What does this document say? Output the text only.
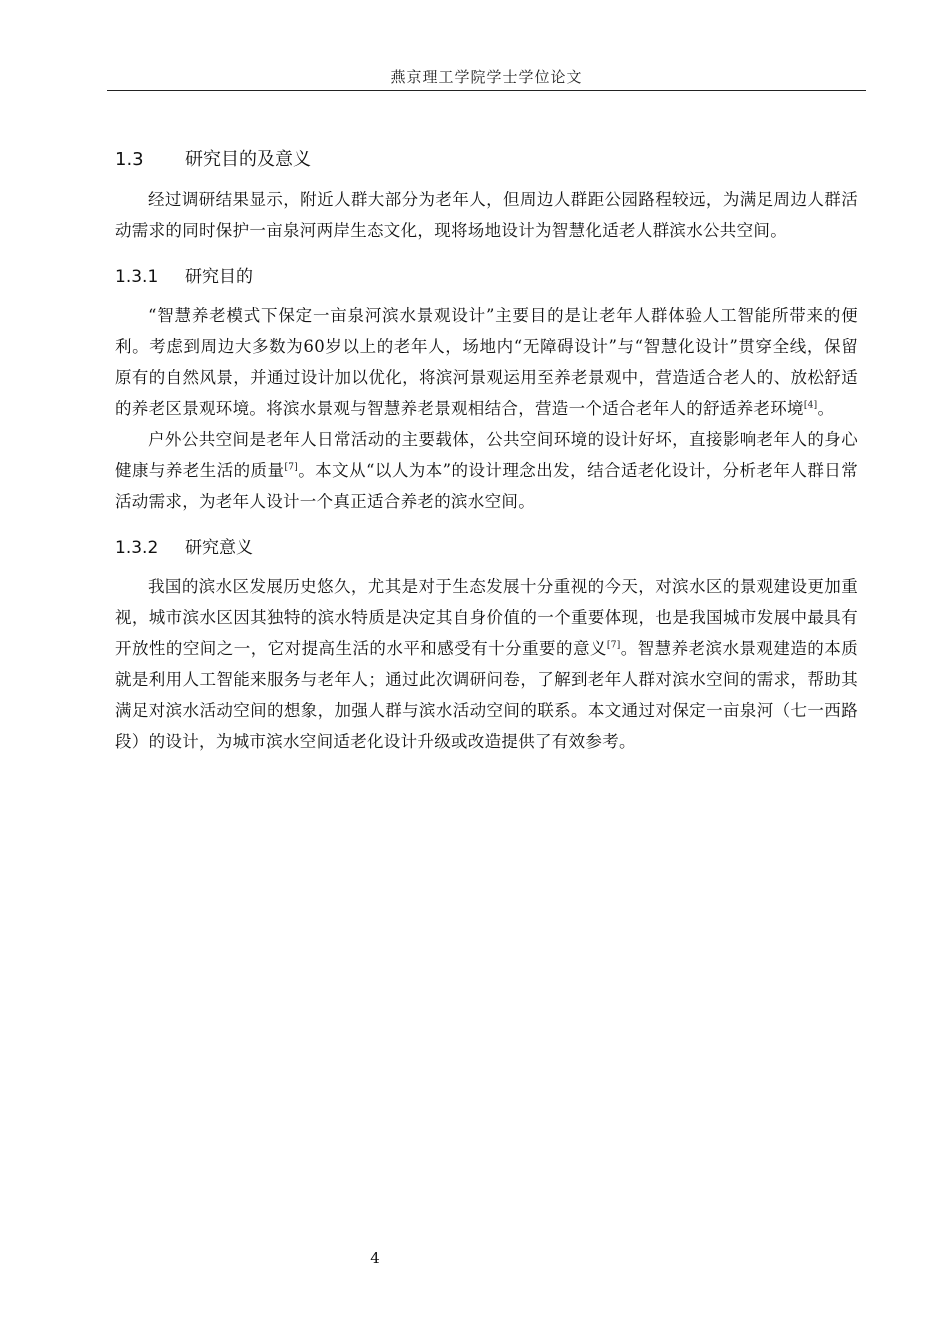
燕京理工学院学士学位论文
1.3 研究目的及意义

经过调研结果显示，附近人群大部分为老年人，但周边人群距公园路程较远，为满足周边人群活动需求的同时保护一亩泉河两岸生态文化，现将场地设计为智慧化适老人群滨水公共空间。

1.3.1 研究目的

“智慧养老模式下保定一亩泉河滨水景观设计”主要目的是让老年人群体验人工智能所带来的便利。考虑到周边大多数为60岁以上的老年人，场地内“无障碍设计”与“智慧化设计”贯穿全线，保留原有的自然风景，并通过设计加以优化，将滨河景观运用至养老景观中，营造适合老人的、放松舒适的养老区景观环境。将滨水景观与智慧养老景观相结合，营造一个适合老年人的舒适养老环境[4]。

户外公共空间是老年人日常活动的主要载体，公共空间环境的设计好坏，直接影响老年人的身心健康与养老生活的质量[7]。本文从“以人为本”的设计理念出发，结合适老化设计，分析老年人群日常活动需求，为老年人设计一个真正适合养老的滨水空间。

1.3.2 研究意义

我国的滨水区发展历史悠久，尤其是对于生态发展十分重视的今天，对滨水区的景观建设更加重视，城市滨水区因其独特的滨水特质是决定其自身价值的一个重要体现，也是我国城市发展中最具有开放性的空间之一，它对提高生活的水平和感受有十分重要的意义[7]。智慧养老滨水景观建造的本质就是利用人工智能来服务与老年人；通过此次调研问卷，了解到老年人群对滨水空间的需求，帮助其满足对滨水活动空间的想象，加强人群与滨水活动空间的联系。本文通过对保定一亩泉河（七一西路段）的设计，为城市滨水空间适老化设计升级或改造提供了有效参考。

4
